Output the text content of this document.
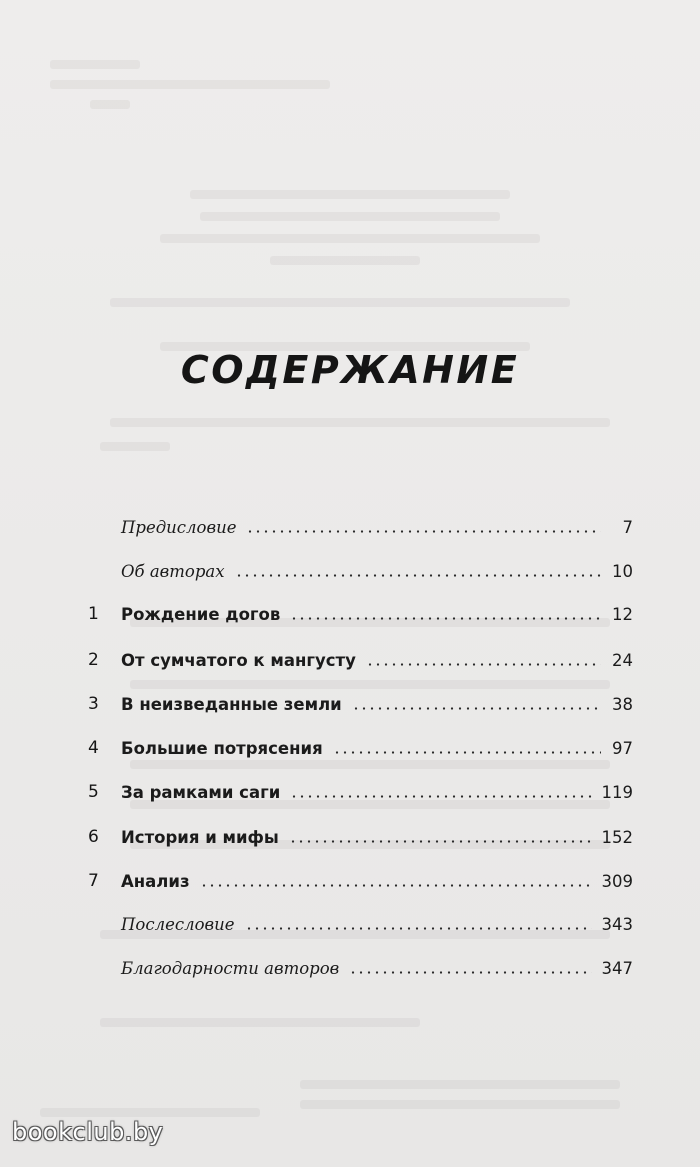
СОДЕРЖАНИЕ
Предисловие	7
Об авторах	10
1	Рождение догов	12
2	От сумчатого к мангусту	24
3	В неизведанные земли	38
4	Большие потрясения	97
5	За рамками саги	119
6	История и мифы	152
7	Анализ	309
Послесловие	343
Благодарности авторов	347
bookclub.by
